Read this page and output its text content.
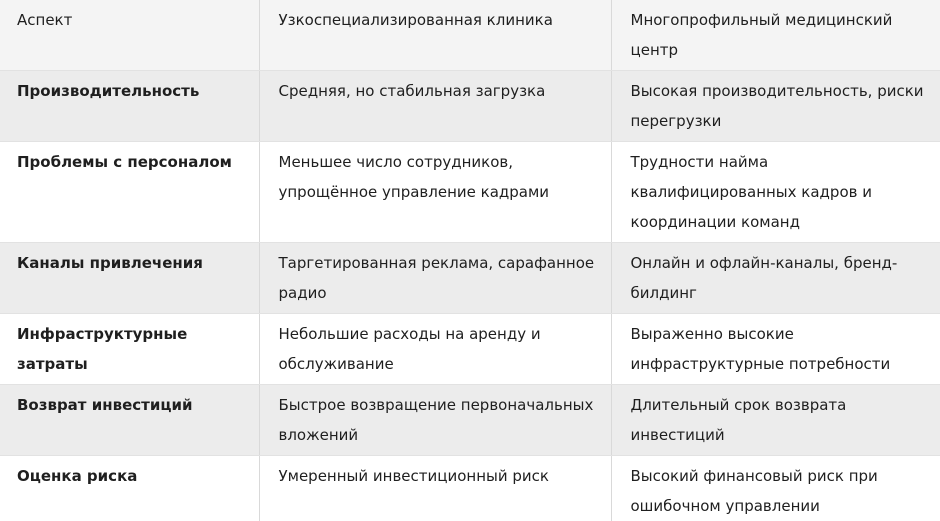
Аспект	Узкоспециализированная клиника	Многопрофильный медицинский центр
Производительность	Средняя, но стабильная загрузка	Высокая производительность, риски перегрузки
Проблемы с персоналом	Меньшее число сотрудников, упрощённое управление кадрами	Трудности найма квалифицированных кадров и координации команд
Каналы привлечения	Таргетированная реклама, сарафанное радио	Онлайн и офлайн-каналы, бренд-билдинг
Инфраструктурные затраты	Небольшие расходы на аренду и обслуживание	Выраженно высокие инфраструктурные потребности
Возврат инвестиций	Быстрое возвращение первоначальных вложений	Длительный срок возврата инвестиций
Оценка риска	Умеренный инвестиционный риск	Высокий финансовый риск при ошибочном управлении
